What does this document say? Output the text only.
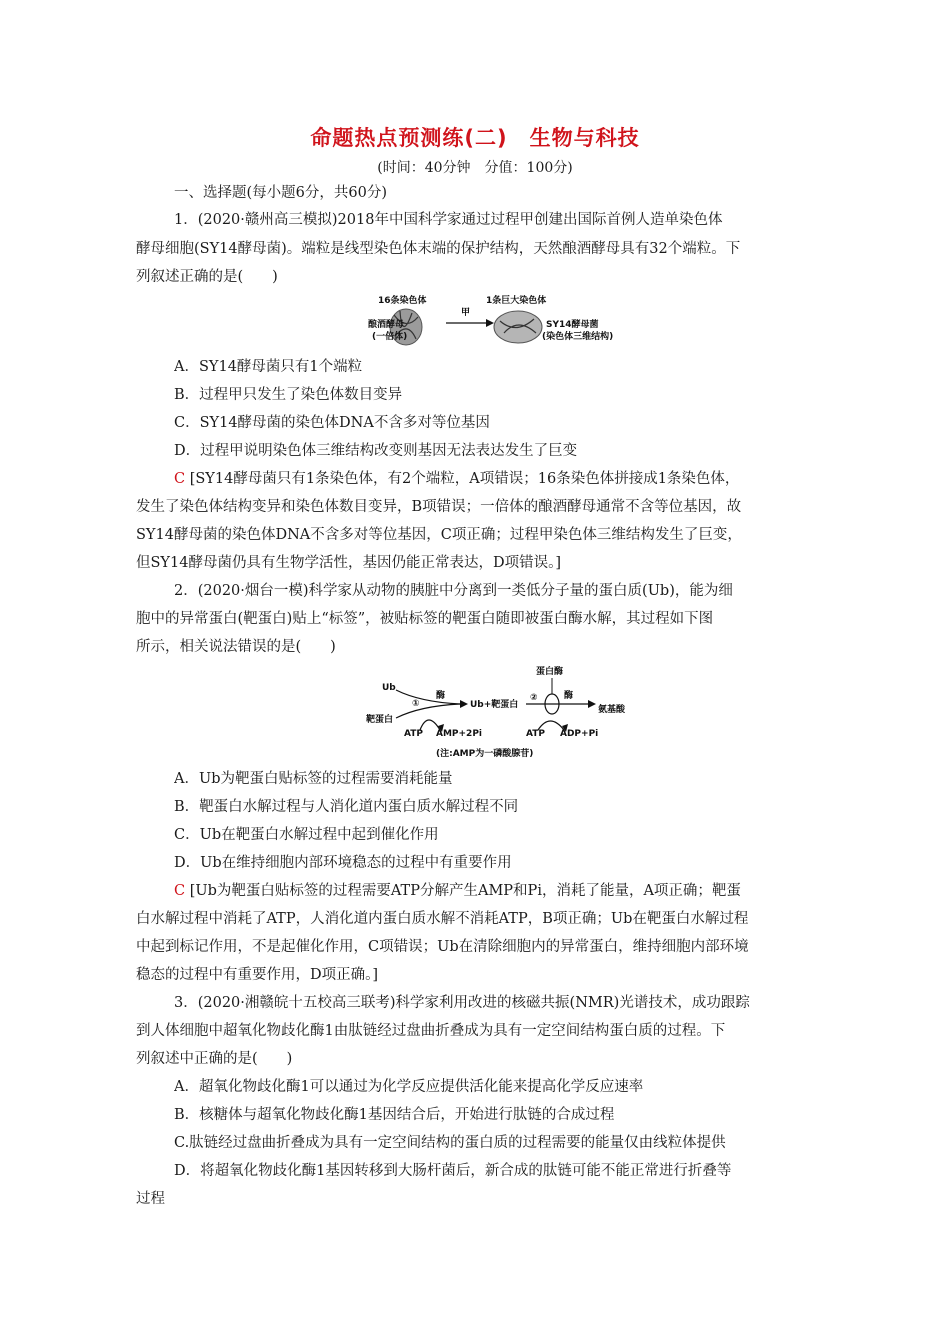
命题热点预测练(二)　生物与科技
(时间：40分钟　分值：100分)
一、选择题(每小题6分，共60分)
1．(2020·赣州高三模拟)2018年中国科学家通过过程甲创建出国际首例人造单染色体
酵母细胞(SY14酵母菌)。端粒是线型染色体末端的保护结构，天然酿酒酵母具有32个端粒。下
列叙述正确的是(　　)
16条染色体
酿酒酵母
(一倍体)
甲
1条巨大染色体
SY14酵母菌
(染色体三维结构)
A．SY14酵母菌只有1个端粒
B．过程甲只发生了染色体数目变异
C．SY14酵母菌的染色体DNA不含多对等位基因
D．过程甲说明染色体三维结构改变则基因无法表达发生了巨变
C [SY14酵母菌只有1条染色体，有2个端粒，A项错误；16条染色体拼接成1条染色体，
发生了染色体结构变异和染色体数目变异，B项错误；一倍体的酿酒酵母通常不含等位基因，故
SY14酵母菌的染色体DNA不含多对等位基因，C项正确；过程甲染色体三维结构发生了巨变，
但SY14酵母菌仍具有生物学活性，基因仍能正常表达，D项错误。]
2．(2020·烟台一模)科学家从动物的胰脏中分离到一类低分子量的蛋白质(Ub)，能为细
胞中的异常蛋白(靶蛋白)贴上“标签”，被贴标签的靶蛋白随即被蛋白酶水解，其过程如下图
所示，相关说法错误的是(　　)
Ub
靶蛋白
①
酶
Ub+靶蛋白
ATP AMP+2Pi
蛋白酶
②	酶
氨基酸
ATP ADP+Pi
(注:AMP为一磷酸腺苷)
A．Ub为靶蛋白贴标签的过程需要消耗能量
B．靶蛋白水解过程与人消化道内蛋白质水解过程不同
C．Ub在靶蛋白水解过程中起到催化作用
D．Ub在维持细胞内部环境稳态的过程中有重要作用
C [Ub为靶蛋白贴标签的过程需要ATP分解产生AMP和Pi，消耗了能量，A项正确；靶蛋
白水解过程中消耗了ATP，人消化道内蛋白质水解不消耗ATP，B项正确；Ub在靶蛋白水解过程
中起到标记作用，不是起催化作用，C项错误；Ub在清除细胞内的异常蛋白，维持细胞内部环境
稳态的过程中有重要作用，D项正确。]
3．(2020·湘赣皖十五校高三联考)科学家利用改进的核磁共振(NMR)光谱技术，成功跟踪
到人体细胞中超氧化物歧化酶1由肽链经过盘曲折叠成为具有一定空间结构蛋白质的过程。下
列叙述中正确的是(　　)
A．超氧化物歧化酶1可以通过为化学反应提供活化能来提高化学反应速率
B．核糖体与超氧化物歧化酶1基因结合后，开始进行肽链的合成过程
C.肽链经过盘曲折叠成为具有一定空间结构的蛋白质的过程需要的能量仅由线粒体提供
D．将超氧化物歧化酶1基因转移到大肠杆菌后，新合成的肽链可能不能正常进行折叠等
过程
